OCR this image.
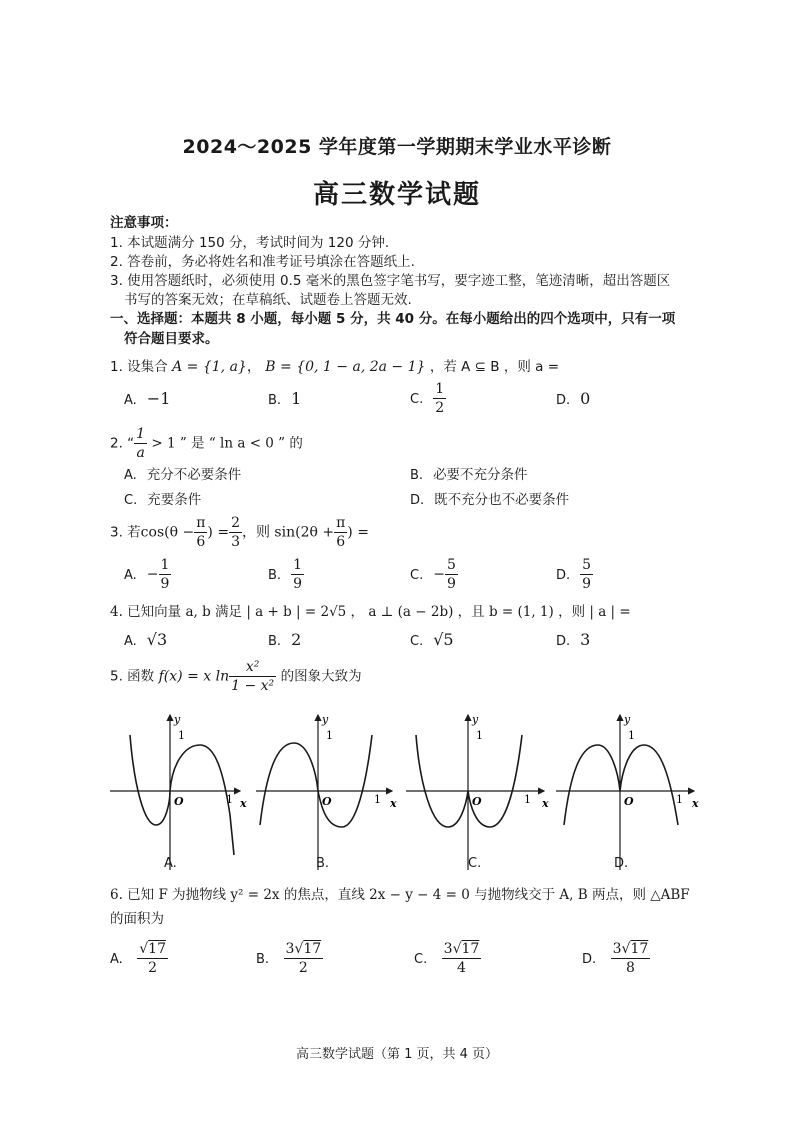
2024～2025 学年度第一学期期末学业水平诊断
高三数学试题
注意事项：
1. 本试题满分 150 分，考试时间为 120 分钟.
2. 答卷前，务必将姓名和准考证号填涂在答题纸上.
3. 使用答题纸时，必须使用 0.5 毫米的黑色签字笔书写，要字迹工整，笔迹清晰，超出答题区
书写的答案无效；在草稿纸、试题卷上答题无效.
一、选择题：本题共 8 小题，每小题 5 分，共 40 分。在每小题给出的四个选项中，只有一项
符合题目要求。
1. 设集合 A = {1, a}， B = {0, 1 − a, 2a − 1} ，若 A ⊆ B ，则 a =
A. −1	B. 1	C. $\frac{1}{2}$	D. 0
2. “ $\frac{1}{a} > 1$ ” 是 “ ln a < 0 ” 的
A. 充分不必要条件	B. 必要不充分条件
C. 充要条件	D. 既不充分也不必要条件
3. 若$\cos(\theta - \frac{\pi}{6}$ ) = $\frac{2}{3}$ ，则 $\sin(2\theta + \frac{\pi}{6}$ ) =
A. − $\frac{1}{9}$	B. $\frac{1}{9}$	C. − $\frac{5}{9}$	D. $\frac{5}{9}$
4. 已知向量 a, b 满足 | a + b | = 2√5 ， a ⊥ (a − 2b) ，且 b = (1, 1) ，则 | a | =
A. √3	B. 2	C. √5	D. 3
5. 函数 f(x) = x $\ln \frac{\text{x²}}{\text{1 − x²}}$ 的图象大致为
y
1
O	1 x
y
1
O	1 x
y
1
O	1 x
y
1
O	1 x
A.	B.	C.	D.
6. 已知 F 为抛物线 y² = 2x 的焦点，直线 2x − y − 4 = 0 与抛物线交于 A, B 两点，则 △ABF
的面积为
A. $\frac{√17}{2}$	B. $\frac{3√17}{2}$	C. $\frac{3√17}{4}$	D. $\frac{3√17}{8}$
高三数学试题（第 1 页，共 4 页）
